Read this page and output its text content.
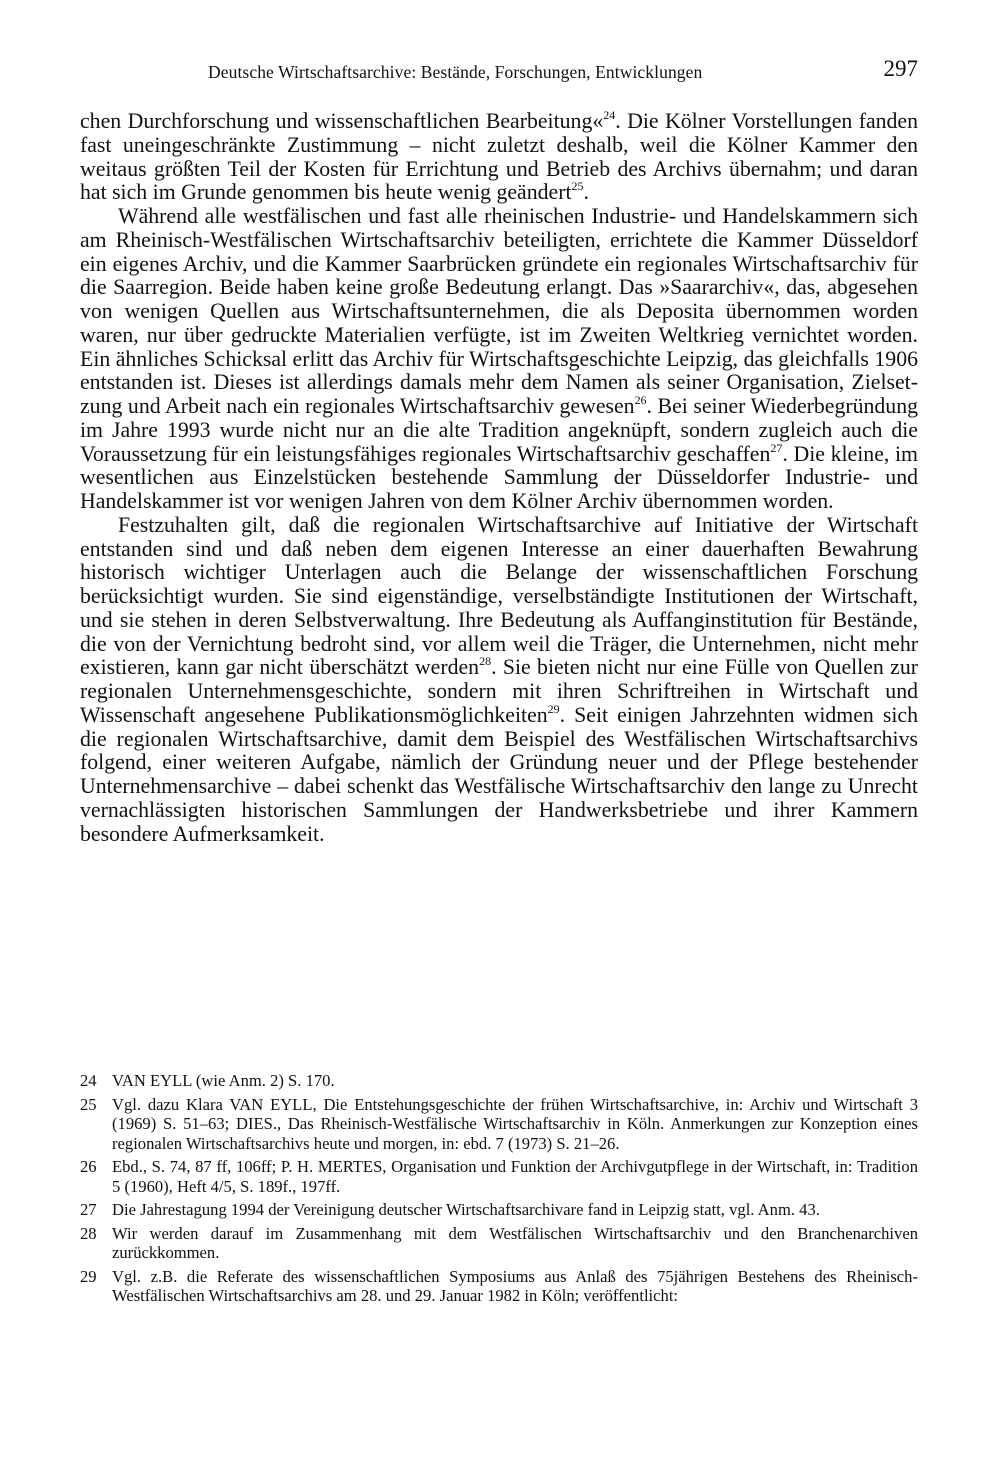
Deutsche Wirtschaftsarchive: Bestände, Forschungen, Entwicklungen	297

chen Durchforschung und wissenschaftlichen Bearbeitung«$^{24}$. Die Kölner Vorstellungen fanden fast uneingeschränkte Zustimmung – nicht zuletzt deshalb, weil die Kölner Kammer den weitaus größten Teil der Kosten für Errichtung und Betrieb des Archivs übernahm; und daran hat sich im Grunde genommen bis heute wenig geändert$^{25}$.

Während alle westfälischen und fast alle rheinischen Industrie- und Handelskammern sich am Rheinisch-Westfälischen Wirtschaftsarchiv beteiligten, errichtete die Kammer Düsseldorf ein eigenes Archiv, und die Kammer Saarbrücken gründete ein regionales Wirtschaftsarchiv für die Saarregion. Beide haben keine große Bedeutung erlangt. Das »Saararchiv«, das, abgesehen von wenigen Quellen aus Wirtschaftsunternehmen, die als Deposita übernommen worden waren, nur über gedruckte Materialien verfügte, ist im Zweiten Weltkrieg vernichtet worden. Ein ähnliches Schicksal erlitt das Archiv für Wirtschaftsgeschichte Leipzig, das gleichfalls 1906 entstanden ist. Dieses ist allerdings damals mehr dem Namen als seiner Organisation, Zielsetzung und Arbeit nach ein regionales Wirtschaftsarchiv gewesen$^{26}$. Bei seiner Wiederbegründung im Jahre 1993 wurde nicht nur an die alte Tradition angeknüpft, sondern zugleich auch die Voraussetzung für ein leistungsfähiges regionales Wirtschaftsarchiv geschaffen$^{27}$. Die kleine, im wesentlichen aus Einzelstücken bestehende Sammlung der Düsseldorfer Industrie- und Handelskammer ist vor wenigen Jahren von dem Kölner Archiv übernommen worden.

Festzuhalten gilt, daß die regionalen Wirtschaftsarchive auf Initiative der Wirtschaft entstanden sind und daß neben dem eigenen Interesse an einer dauerhaften Bewahrung historisch wichtiger Unterlagen auch die Belange der wissenschaftlichen Forschung berücksichtigt wurden. Sie sind eigenständige, verselbständigte Institutionen der Wirtschaft, und sie stehen in deren Selbstverwaltung. Ihre Bedeutung als Auffanginstitution für Bestände, die von der Vernichtung bedroht sind, vor allem weil die Träger, die Unternehmen, nicht mehr existieren, kann gar nicht überschätzt werden$^{28}$. Sie bieten nicht nur eine Fülle von Quellen zur regionalen Unternehmensgeschichte, sondern mit ihren Schriftreihen in Wirtschaft und Wissenschaft angesehene Publikationsmöglichkeiten$^{29}$. Seit einigen Jahrzehnten widmen sich die regionalen Wirtschaftsarchive, damit dem Beispiel des Westfälischen Wirtschaftsarchivs folgend, einer weiteren Aufgabe, nämlich der Gründung neuer und der Pflege bestehender Unternehmensarchive – dabei schenkt das Westfälische Wirtschaftsarchiv den lange zu Unrecht vernachlässigten historischen Sammlungen der Handwerksbetriebe und ihrer Kammern besondere Aufmerksamkeit.

24 VAN EYLL (wie Anm. 2) S. 170.
25 Vgl. dazu Klara VAN EYLL, Die Entstehungsgeschichte der frühen Wirtschaftsarchive, in: Archiv und Wirtschaft 3 (1969) S. 51–63; DIES., Das Rheinisch-Westfälische Wirtschaftsarchiv in Köln. Anmerkungen zur Konzeption eines regionalen Wirtschaftsarchivs heute und morgen, in: ebd. 7 (1973) S. 21–26.
26 Ebd., S. 74, 87 ff, 106ff; P. H. MERTES, Organisation und Funktion der Archivgutpflege in der Wirtschaft, in: Tradition 5 (1960), Heft 4/5, S. 189f., 197ff.
27 Die Jahrestagung 1994 der Vereinigung deutscher Wirtschaftsarchivare fand in Leipzig statt, vgl. Anm. 43.
28 Wir werden darauf im Zusammenhang mit dem Westfälischen Wirtschaftsarchiv und den Branchenarchiven zurückkommen.
29 Vgl. z.B. die Referate des wissenschaftlichen Symposiums aus Anlaß des 75jährigen Bestehens des Rheinisch-Westfälischen Wirtschaftsarchivs am 28. und 29. Januar 1982 in Köln; veröffentlicht:
